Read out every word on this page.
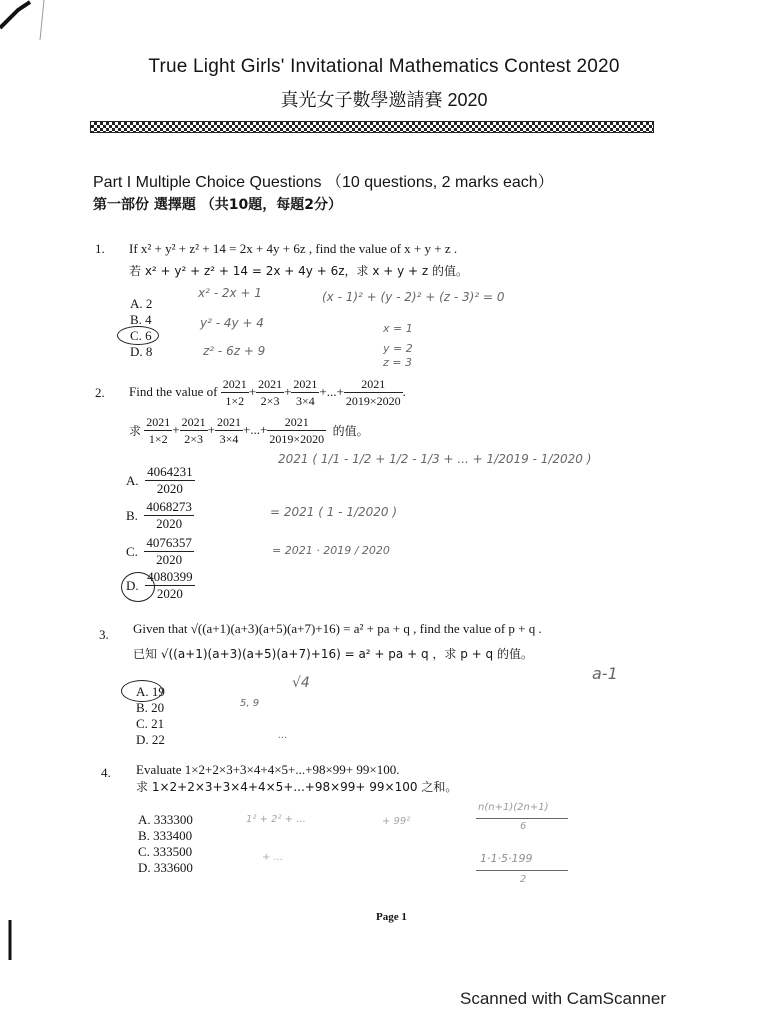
True Light Girls' Invitational Mathematics Contest 2020
真光女子數學邀請賽 2020
Part I Multiple Choice Questions （10 questions, 2 marks each）
第一部份 選擇題 （共10題，每題2分）
1. If x² + y² + z² + 14 = 2x + 4y + 6z , find the value of x + y + z .
若 x² + y² + z² + 14 = 2x + 4y + 6z，求 x + y + z 的值。
A. 2
B. 4
C. 6
D. 8
x² - 2x + 1
y² - 4y + 4
z² - 6z + 9
(x - 1)² + (y - 2)² + (z - 3)² = 0
x = 1
y = 2
z = 3
2. Find the value of
$\frac{2021}{1\times 2} + \frac{2021}{2\times 3} + \frac{2021}{3\times 4}$ +...+ $\frac{2021}{2019\times 2020}$ .
求
$\frac{2021}{1\times 2} + \frac{2021}{2\times 3} + \frac{2021}{3\times 4}$ +...+ $\frac{2021}{2019\times 2020}$
的值。
A.
$\frac{4064231}{2020}$
B.
$\frac{4068273}{2020}$
C.
$\frac{4076357}{2020}$
D.
$\frac{4080399}{2020}$
2021 ( 1/1 - 1/2 + 1/2 - 1/3 + ... + 1/2019 - 1/2020 )
= 2021 ( 1 - 1/2020 )
= 2021 · 2019 / 2020
3. Given that √((a+1)(a+3)(a+5)(a+7)+16) = a² + pa + q , find the value of p + q .
已知 √((a+1)(a+3)(a+5)(a+7)+16) = a² + pa + q ，求 p + q 的值。
A. 19
B. 20
C. 21
D. 22
√4	a-1
5, 9
...
4. Evaluate 1×2+2×3+3×4+4×5+...+98×99+ 99×100.
求 1×2+2×3+3×4+4×5+...+98×99+ 99×100 之和。
A. 333300
B. 333400
C. 333500
D. 333600
1² + 2² + ...	+ 99²
n(n+1)(2n+1)
6
+ ...	1·1·5·199
2
Page 1
Scanned with CamScanner
